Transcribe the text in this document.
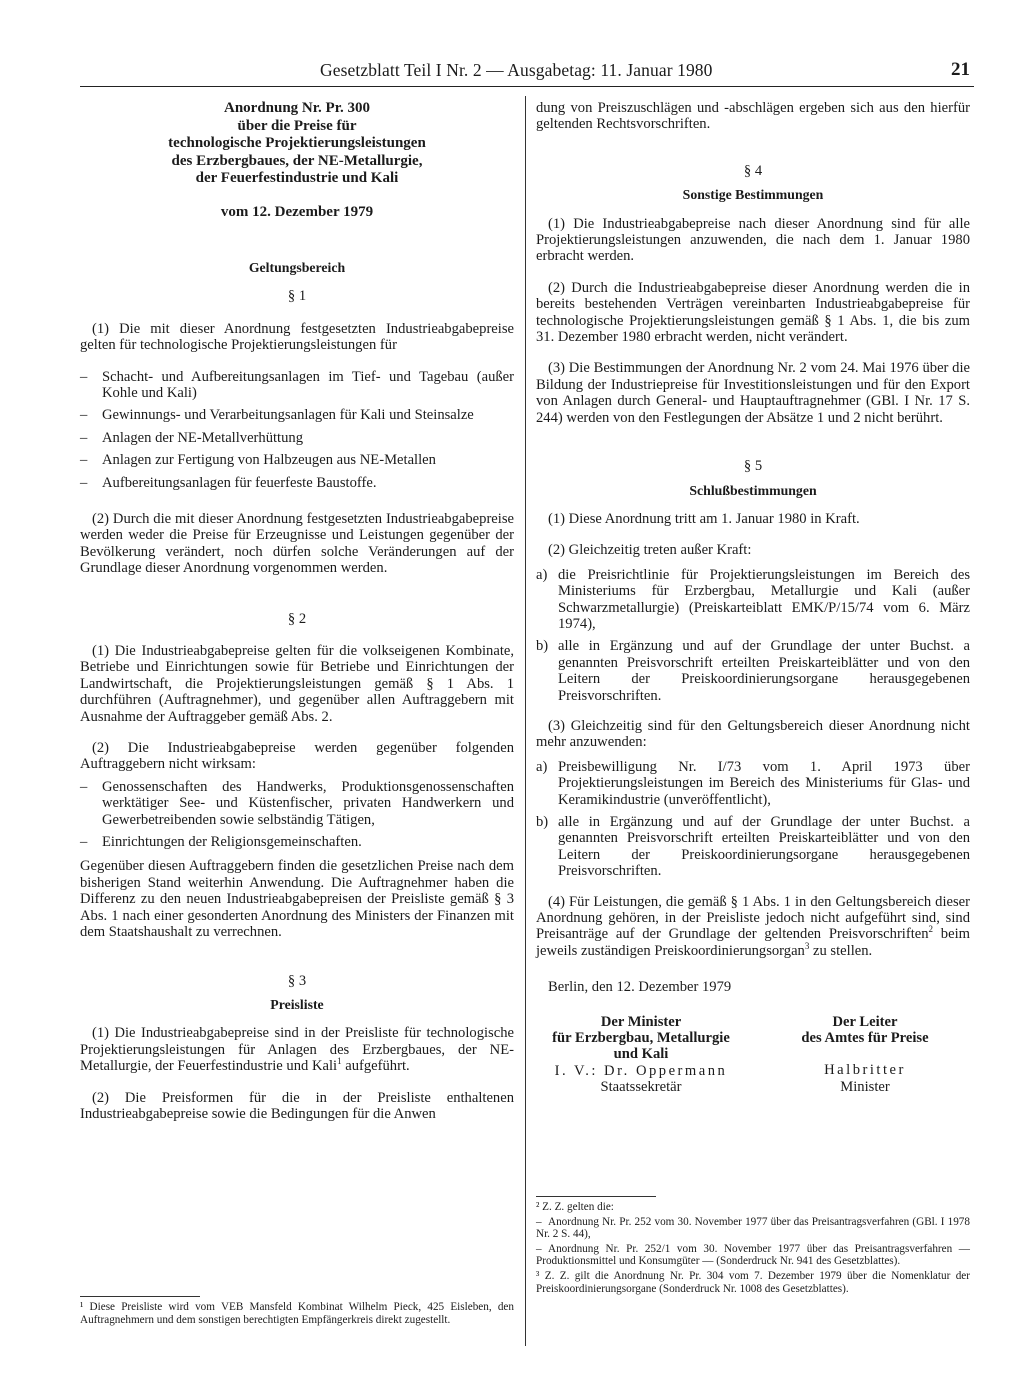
Gesetzblatt Teil I Nr. 2 — Ausgabetag: 11. Januar 1980	21
Anordnung Nr. Pr. 300
über die Preise für
technologische Projektierungsleistungen
des Erzbergbaues, der NE-Metallurgie,
der Feuerfestindustrie und Kali
vom 12. Dezember 1979
Geltungsbereich
§ 1

(1) Die mit dieser Anordnung festgesetzten Industrieabgabepreise gelten für technologische Projektierungsleistungen für

– Schacht- und Aufbereitungsanlagen im Tief- und Tagebau (außer Kohle und Kali)
– Gewinnungs- und Verarbeitungsanlagen für Kali und Steinsalze
– Anlagen der NE-Metallverhüttung
– Anlagen zur Fertigung von Halbzeugen aus NE-Metallen
– Aufbereitungsanlagen für feuerfeste Baustoffe.

(2) Durch die mit dieser Anordnung festgesetzten Industrieabgabepreise werden weder die Preise für Erzeugnisse und Leistungen gegenüber der Bevölkerung verändert, noch dürfen solche Veränderungen auf der Grundlage dieser Anordnung vorgenommen werden.

§ 2

(1) Die Industrieabgabepreise gelten für die volkseigenen Kombinate, Betriebe und Einrichtungen sowie für Betriebe und Einrichtungen der Landwirtschaft, die Projektierungsleistungen gemäß § 1 Abs. 1 durchführen (Auftragnehmer), und gegenüber allen Auftraggebern mit Ausnahme der Auftraggeber gemäß Abs. 2.

(2) Die Industrieabgabepreise werden gegenüber folgenden Auftraggebern nicht wirksam:

– Genossenschaften des Handwerks, Produktionsgenossenschaften werktätiger See- und Küstenfischer, privaten Handwerkern und Gewerbetreibenden sowie selbständig Tätigen,
– Einrichtungen der Religionsgemeinschaften.

Gegenüber diesen Auftraggebern finden die gesetzlichen Preise nach dem bisherigen Stand weiterhin Anwendung. Die Auftragnehmer haben die Differenz zu den neuen Industrieabgabepreisen der Preisliste gemäß § 3 Abs. 1 nach einer gesonderten Anordnung des Ministers der Finanzen mit dem Staatshaushalt zu verrechnen.

§ 3
Preisliste

(1) Die Industrieabgabepreise sind in der Preisliste für technologische Projektierungsleistungen für Anlagen des Erzbergbaues, der NE-Metallurgie, der Feuerfestindustrie und Kali$^1$ aufgeführt.

(2) Die Preisformen für die in der Preisliste enthaltenen Industrieabgabepreise sowie die Bedingungen für die Anwen

¹ Diese Preisliste wird vom VEB Mansfeld Kombinat Wilhelm Pieck, 425 Eisleben, den Auftragnehmern und dem sonstigen berechtigten Empfängerkreis direkt zugestellt.

dung von Preiszuschlägen und -abschlägen ergeben sich aus den hierfür geltenden Rechtsvorschriften.

§ 4
Sonstige Bestimmungen

(1) Die Industrieabgabepreise nach dieser Anordnung sind für alle Projektierungsleistungen anzuwenden, die nach dem 1. Januar 1980 erbracht werden.

(2) Durch die Industrieabgabepreise dieser Anordnung werden die in bereits bestehenden Verträgen vereinbarten Industrieabgabepreise für technologische Projektierungsleistungen gemäß § 1 Abs. 1, die bis zum 31. Dezember 1980 erbracht werden, nicht verändert.

(3) Die Bestimmungen der Anordnung Nr. 2 vom 24. Mai 1976 über die Bildung der Industriepreise für Investitionsleistungen und für den Export von Anlagen durch General- und Hauptauftragnehmer (GBl. I Nr. 17 S. 244) werden von den Festlegungen der Absätze 1 und 2 nicht berührt.

§ 5
Schlußbestimmungen

(1) Diese Anordnung tritt am 1. Januar 1980 in Kraft.

(2) Gleichzeitig treten außer Kraft:

a) die Preisrichtlinie für Projektierungsleistungen im Bereich des Ministeriums für Erzbergbau, Metallurgie und Kali (außer Schwarzmetallurgie) (Preiskarteiblatt EMK/P/15/74 vom 6. März 1974),
b) alle in Ergänzung und auf der Grundlage der unter Buchst. a genannten Preisvorschrift erteilten Preiskarteiblätter und von den Leitern der Preiskoordinierungsorgane herausgegebenen Preisvorschriften.

(3) Gleichzeitig sind für den Geltungsbereich dieser Anordnung nicht mehr anzuwenden:

a) Preisbewilligung Nr. I/73 vom 1. April 1973 über Projektierungsleistungen im Bereich des Ministeriums für Glas- und Keramikindustrie (unveröffentlicht),
b) alle in Ergänzung und auf der Grundlage der unter Buchst. a genannten Preisvorschrift erteilten Preiskarteiblätter und von den Leitern der Preiskoordinierungsorgane herausgegebenen Preisvorschriften.

(4) Für Leistungen, die gemäß § 1 Abs. 1 in den Geltungsbereich dieser Anordnung gehören, in der Preisliste jedoch nicht aufgeführt sind, sind Preisanträge auf der Grundlage der geltenden Preisvorschriften$^2$ beim jeweils zuständigen Preiskoordinierungsorgan$^3$ zu stellen.

Berlin, den 12. Dezember 1979

Der Minister
für Erzbergbau, Metallurgie
und Kali
I. V.: Dr. Oppermann
Staatssekretär
Der Leiter
des Amtes für Preise
Halbritter
Minister

² Z. Z. gelten die:

– Anordnung Nr. Pr. 252 vom 30. November 1977 über das Preisantragsverfahren (GBl. I 1978 Nr. 2 S. 44),

– Anordnung Nr. Pr. 252/1 vom 30. November 1977 über das Preisantragsverfahren — Produktionsmittel und Konsumgüter — (Sonderdruck Nr. 941 des Gesetzblattes).

³ Z. Z. gilt die Anordnung Nr. Pr. 304 vom 7. Dezember 1979 über die Nomenklatur der Preiskoordinierungsorgane (Sonderdruck Nr. 1008 des Gesetzblattes).
